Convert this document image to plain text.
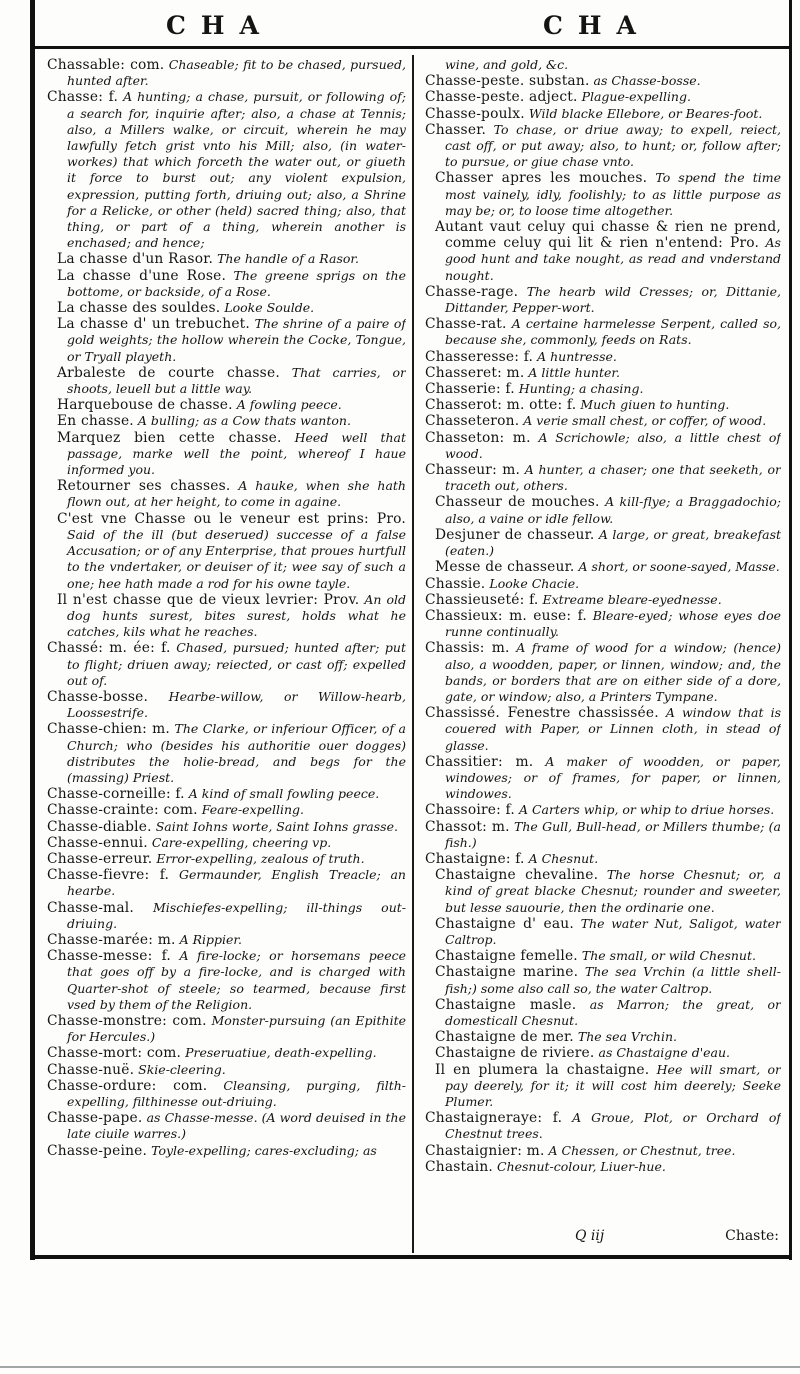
CHA	CHA

Chassable: com. Chaseable; fit to be chased, pursued, hunted after.

Chasse: f. A hunting; a chase, pursuit, or following of; a search for, inquirie after; also, a chase at Tennis; also, a Millers walke, or circuit, wherein he may lawfully fetch grist vnto his Mill; also, (in water-workes) that which forceth the water out, or giueth it force to burst out; any violent expulsion, expression, putting forth, driuing out; also, a Shrine for a Relicke, or other (held) sacred thing; also, that thing, or part of a thing, wherein another is enchased; and hence;

La chasse d'un Rasor. The handle of a Rasor.

La chasse d'une Rose. The greene sprigs on the bottome, or backside, of a Rose.

La chasse des souldes. Looke Soulde.

La chasse d' un trebuchet. The shrine of a paire of gold weights; the hollow wherein the Cocke, Tongue, or Tryall playeth.

Arbaleste de courte chasse. That carries, or shoots, leuell but a little way.

Harquebouse de chasse. A fowling peece.

En chasse. A bulling; as a Cow thats wanton.

Marquez bien cette chasse. Heed well that passage, marke well the point, whereof I haue informed you.

Retourner ses chasses. A hauke, when she hath flown out, at her height, to come in againe.

C'est vne Chasse ou le veneur est prins: Pro. Said of the ill (but deserued) successe of a false Accusation; or of any Enterprise, that proues hurtfull to the vndertaker, or deuiser of it; wee say of such a one; hee hath made a rod for his owne tayle.

Il n'est chasse que de vieux levrier: Prov. An old dog hunts surest, bites surest, holds what he catches, kils what he reaches.

Chassé: m. ée: f. Chased, pursued; hunted after; put to flight; driuen away; reiected, or cast off; expelled out of.

Chasse-bosse. Hearbe-willow, or Willow-hearb, Loossestrife.

Chasse-chien: m. The Clarke, or inferiour Officer, of a Church; who (besides his authoritie ouer dogges) distributes the holie-bread, and begs for the (massing) Priest.

Chasse-corneille: f. A kind of small fowling peece.

Chasse-crainte: com. Feare-expelling.

Chasse-diable. Saint Iohns worte, Saint Iohns grasse.

Chasse-ennui. Care-expelling, cheering vp.

Chasse-erreur. Error-expelling, zealous of truth.

Chasse-fievre: f. Germaunder, English Treacle; an hearbe.

Chasse-mal. Mischiefes-expelling; ill-things out-driuing.

Chasse-marée: m. A Rippier.

Chasse-messe: f. A fire-locke; or horsemans peece that goes off by a fire-locke, and is charged with Quarter-shot of steele; so tearmed, because first vsed by them of the Religion.

Chasse-monstre: com. Monster-pursuing (an Epithite for Hercules.)

Chasse-mort: com. Preseruatiue, death-expelling.

Chasse-nuë. Skie-cleering.

Chasse-ordure: com. Cleansing, purging, filth-expelling, filthinesse out-driuing.

Chasse-pape. as Chasse-messe. (A word deuised in the late ciuile warres.)

Chasse-peine. Toyle-expelling; cares-excluding; as

wine, and gold, &c.

Chasse-peste. substan. as Chasse-bosse.

Chasse-peste. adject. Plague-expelling.

Chasse-poulx. Wild blacke Ellebore, or Beares-foot.

Chasser. To chase, or driue away; to expell, reiect, cast off, or put away; also, to hunt; or, follow after; to pursue, or giue chase vnto.

Chasser apres les mouches. To spend the time most vainely, idly, foolishly; to as little purpose as may be; or, to loose time altogether.

Autant vaut celuy qui chasse & rien ne prend, comme celuy qui lit & rien n'entend: Pro. As good hunt and take nought, as read and vnderstand nought.

Chasse-rage. The hearb wild Cresses; or, Dittanie, Dittander, Pepper-wort.

Chasse-rat. A certaine harmelesse Serpent, called so, because she, commonly, feeds on Rats.

Chasseresse: f. A huntresse.

Chasseret: m. A little hunter.

Chasserie: f. Hunting; a chasing.

Chasserot: m. otte: f. Much giuen to hunting.

Chasseteron. A verie small chest, or coffer, of wood.

Chasseton: m. A Scrichowle; also, a little chest of wood.

Chasseur: m. A hunter, a chaser; one that seeketh, or traceth out, others.

Chasseur de mouches. A kill-flye; a Braggadochio; also, a vaine or idle fellow.

Desjuner de chasseur. A large, or great, breakefast (eaten.)

Messe de chasseur. A short, or soone-sayed, Masse.

Chassie. Looke Chacie.

Chassieuseté: f. Extreame bleare-eyednesse.

Chassieux: m. euse: f. Bleare-eyed; whose eyes doe runne continually.

Chassis: m. A frame of wood for a window; (hence) also, a woodden, paper, or linnen, window; and, the bands, or borders that are on either side of a dore, gate, or window; also, a Printers Tympane.

Chassissé. Fenestre chassissée. A window that is couered with Paper, or Linnen cloth, in stead of glasse.

Chassitier: m. A maker of woodden, or paper, windowes; or of frames, for paper, or linnen, windowes.

Chassoire: f. A Carters whip, or whip to driue horses.

Chassot: m. The Gull, Bull-head, or Millers thumbe; (a fish.)

Chastaigne: f. A Chesnut.

Chastaigne chevaline. The horse Chesnut; or, a kind of great blacke Chesnut; rounder and sweeter, but lesse sauourie, then the ordinarie one.

Chastaigne d' eau. The water Nut, Saligot, water Caltrop.

Chastaigne femelle. The small, or wild Chesnut.

Chastaigne marine. The sea Vrchin (a little shell-fish;) some also call so, the water Caltrop.

Chastaigne masle. as Marron; the great, or domesticall Chesnut.

Chastaigne de mer. The sea Vrchin.

Chastaigne de riviere. as Chastaigne d'eau.

Il en plumera la chastaigne. Hee will smart, or pay deerely, for it; it will cost him deerely; Seeke Plumer.

Chastaigneraye: f. A Groue, Plot, or Orchard of Chestnut trees.

Chastaignier: m. A Chessen, or Chestnut, tree.

Chastain. Chesnut-colour, Liuer-hue.

Q iij	Chaste:
